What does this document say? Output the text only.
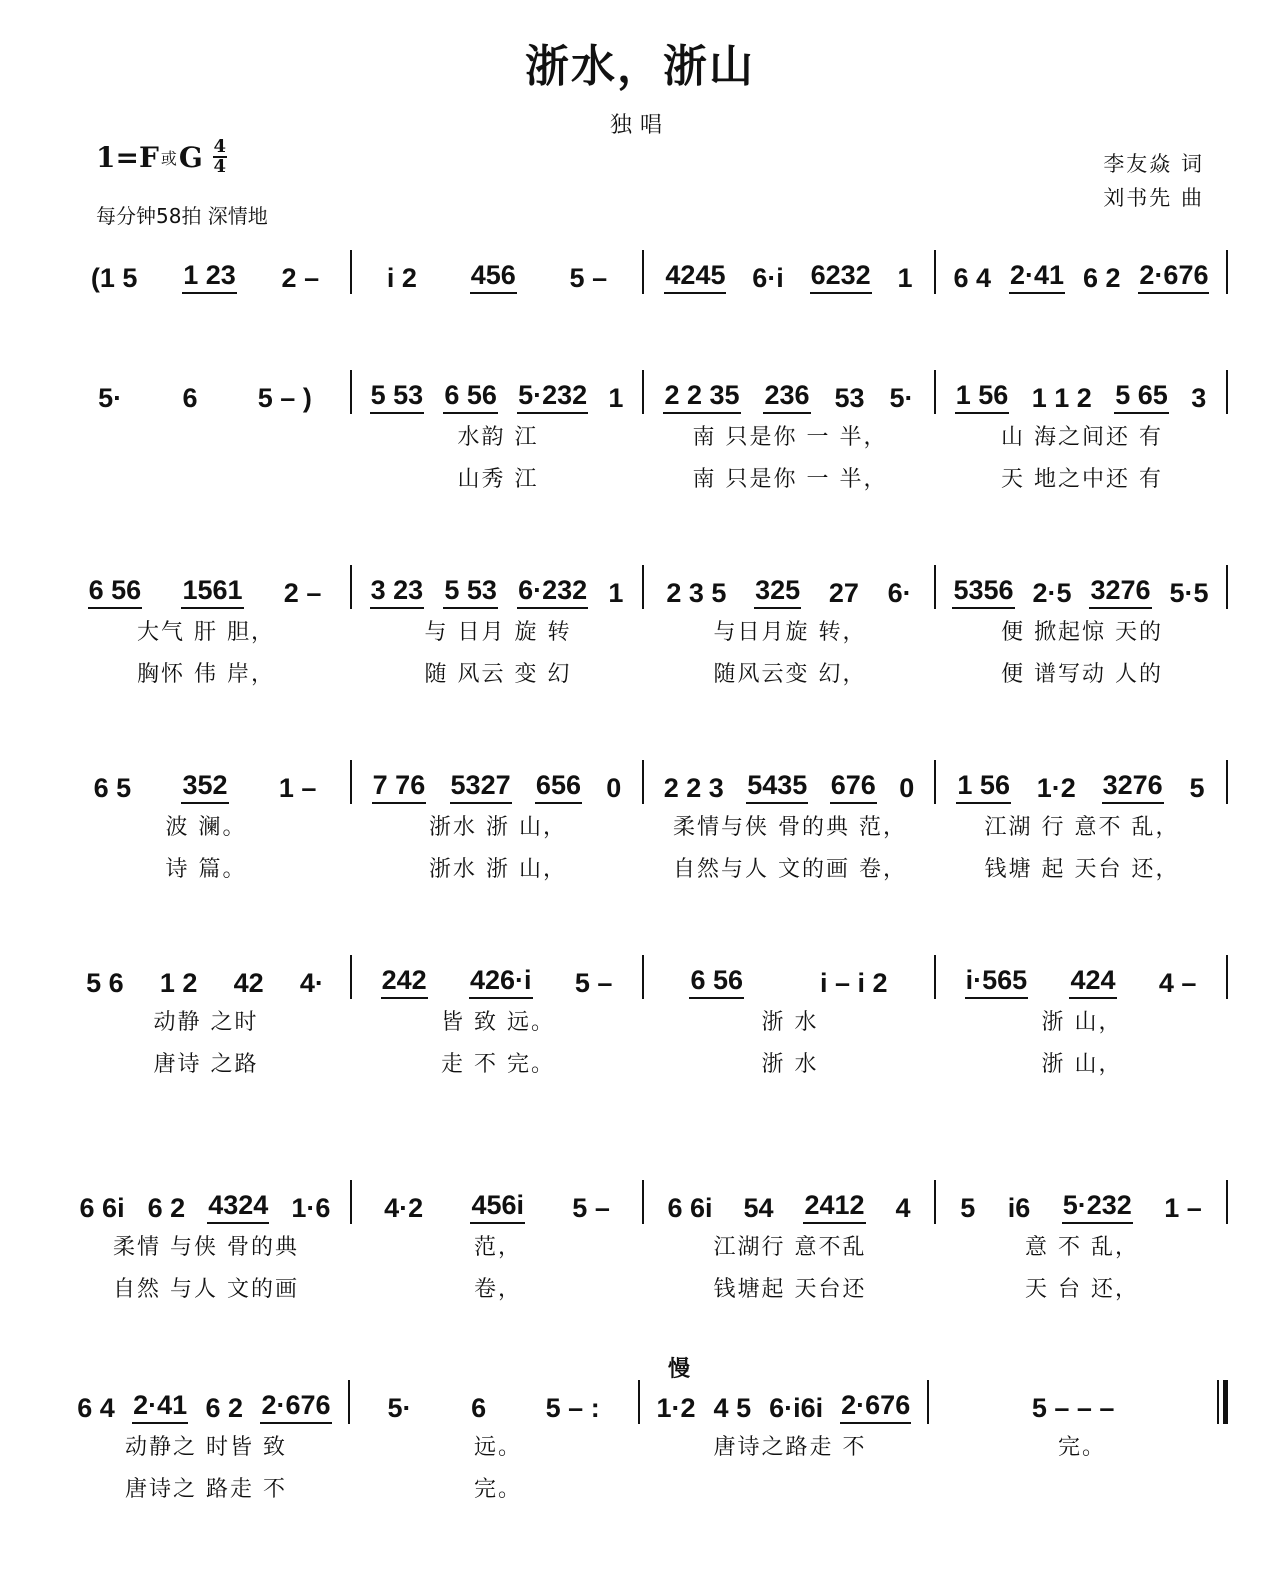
浙水，浙山
独唱
1=F 或 G 4
4
每分钟58拍 深情地
李友焱 词
刘书先 曲
慢
(1 5 1 23 2 –	i 2 456 5 – 4245 6·i 6232 1 6 4 2·41 6 2 2·676
5· 6 5 – ) 5 53 6 56 5·232 1 2 2 35 236 53 5· 1 56 1 1 2 5 65 3
水韵 江	南 只是你 一 半，	山 海之间还 有
山秀 江	南 只是你 一 半，	天 地之中还 有
6 56 1561 2 – 3 23 5 53 6·232 1 2 3 5 325 27 6· 5356 2·5 3276 5·5
大气 肝 胆，	与 日月 旋 转	与日月旋 转，	便 掀起惊 天的
胸怀 伟 岸，	随 风云 变 幻	随风云变 幻，	便 谱写动 人的
6 5 352 1 – 7 76 5327 656 0 2 2 3 5435 676 0 1 56 1·2 3276 5
波 澜。	浙水 浙 山，	柔情与侠 骨的典 范，	江湖 行 意不 乱，
诗 篇。	浙水 浙 山，	自然与人 文的画 卷，	钱塘 起 天台 还，
5 6 1 2 42 4· 242 426·i 5 –	6 56	i – i 2	i·565 424 4 –
动静 之时	皆 致 远。	浙 水	浙 山，
唐诗 之路	走 不 完。	浙 水	浙 山，
6 6i 6 2 4324 1·6 4·2 456i 5 – 6 6i 54 2412 4 5 i6 5·232 1 –
柔情 与侠 骨的典	范，	江湖行 意不乱	意 不 乱，
自然 与人 文的画	卷，	钱塘起 天台还	天 台 还，
6 4 2·41 6 2 2·676 5· 6 5 – : 1·2 4 5 6·i6i 2·676	5 – – –
动静之 时皆 致	远。	唐诗之路走 不	完。
唐诗之 路走 不	完。
